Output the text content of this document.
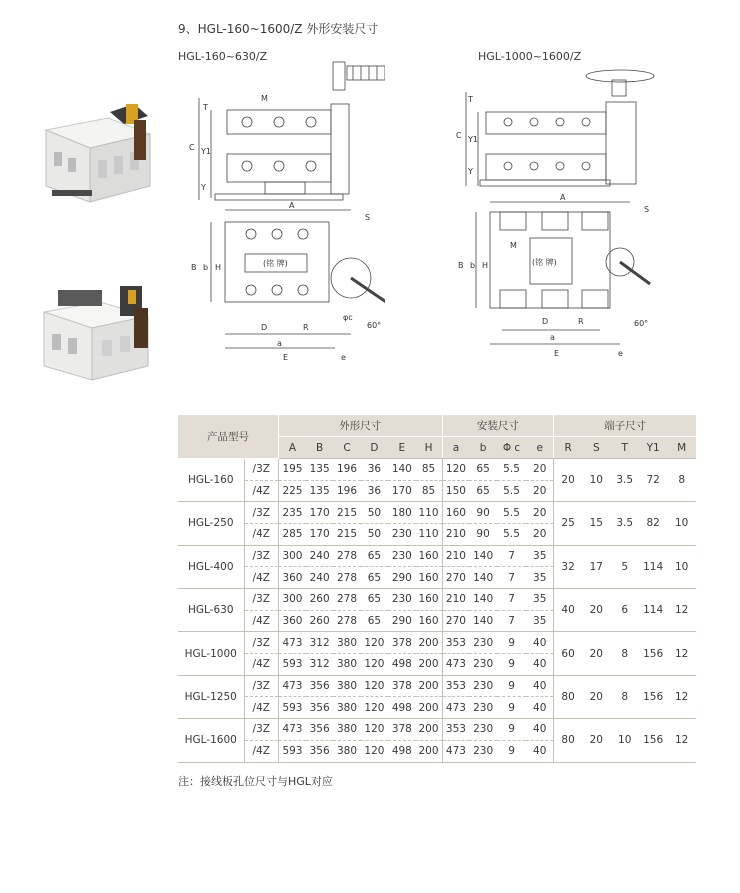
9、HGL-160~1600/Z 外形安装尺寸
HGL-160~630/Z	HGL-1000~1600/Z
M
T
C Y1
Y
A
S
B b H	(铭 牌)
D	R
φc
60°
a
E	e
T
C Y1
Y
A
S
M
B b H	(铭 牌)
D	R	60°
a
E	e
产品型号		外形尺寸						安装尺寸				端子尺寸				
		A	B	C	D	E	H	a	b	Φ c	e	R	S	T	Y1	M
HGL-160	/3Z	195	135	196	36	140	85	120	65	5.5	20	20	10	3.5	72	8
	/4Z	225	135	196	36	170	85	150	65	5.5	20					
HGL-250	/3Z	235	170	215	50	180	110	160	90	5.5	20	25	15	3.5	82	10
	/4Z	285	170	215	50	230	110	210	90	5.5	20					
HGL-400	/3Z	300	240	278	65	230	160	210	140	7	35	32	17	5	114	10
	/4Z	360	240	278	65	290	160	270	140	7	35					
HGL-630	/3Z	300	260	278	65	230	160	210	140	7	35	40	20	6	114	12
	/4Z	360	260	278	65	290	160	270	140	7	35					
HGL-1000	/3Z	473	312	380	120	378	200	353	230	9	40	60	20	8	156	12
	/4Z	593	312	380	120	498	200	473	230	9	40					
HGL-1250	/3Z	473	356	380	120	378	200	353	230	9	40	80	20	8	156	12
	/4Z	593	356	380	120	498	200	473	230	9	40					
HGL-1600	/3Z	473	356	380	120	378	200	353	230	9	40	80	20	10	156	12
	/4Z	593	356	380	120	498	200	473	230	9	40					
注：接线板孔位尺寸与HGL对应
